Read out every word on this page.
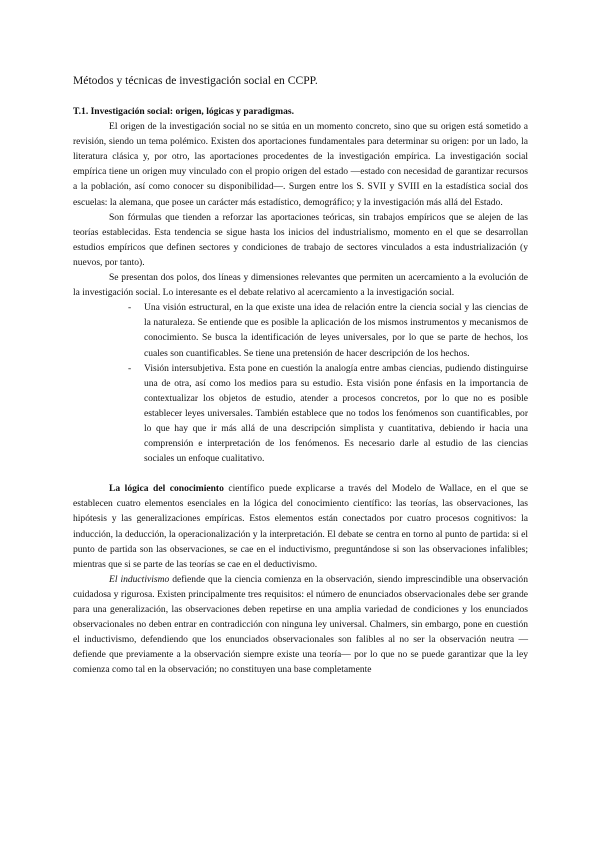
Métodos y técnicas de investigación social en CCPP.

T.1. Investigación social: origen, lógicas y paradigmas.

El origen de la investigación social no se sitúa en un momento concreto, sino que su origen está sometido a revisión, siendo un tema polémico. Existen dos aportaciones fundamentales para determinar su origen: por un lado, la literatura clásica y, por otro, las aportaciones procedentes de la investigación empírica. La investigación social empírica tiene un origen muy vinculado con el propio origen del estado —estado con necesidad de garantizar recursos a la población, así como conocer su disponibilidad—. Surgen entre los S. SVII y SVIII en la estadística social dos escuelas: la alemana, que posee un carácter más estadístico, demográfico; y la investigación más allá del Estado.

Son fórmulas que tienden a reforzar las aportaciones teóricas, sin trabajos empíricos que se alejen de las teorías establecidas. Esta tendencia se sigue hasta los inicios del industrialismo, momento en el que se desarrollan estudios empíricos que definen sectores y condiciones de trabajo de sectores vinculados a esta industrialización (y nuevos, por tanto).

Se presentan dos polos, dos líneas y dimensiones relevantes que permiten un acercamiento a la evolución de la investigación social. Lo interesante es el debate relativo al acercamiento a la investigación social.

- Una visión estructural, en la que existe una idea de relación entre la ciencia social y las ciencias de la naturaleza. Se entiende que es posible la aplicación de los mismos instrumentos y mecanismos de conocimiento. Se busca la identificación de leyes universales, por lo que se parte de hechos, los cuales son cuantificables. Se tiene una pretensión de hacer descripción de los hechos.
- Visión intersubjetiva. Esta pone en cuestión la analogía entre ambas ciencias, pudiendo distinguirse una de otra, así como los medios para su estudio. Esta visión pone énfasis en la importancia de contextualizar los objetos de estudio, atender a procesos concretos, por lo que no es posible establecer leyes universales. También establece que no todos los fenómenos son cuantificables, por lo que hay que ir más allá de una descripción simplista y cuantitativa, debiendo ir hacia una comprensión e interpretación de los fenómenos. Es necesario darle al estudio de las ciencias sociales un enfoque cualitativo.

La lógica del conocimiento científico puede explicarse a través del Modelo de Wallace, en el que se establecen cuatro elementos esenciales en la lógica del conocimiento científico: las teorías, las observaciones, las hipótesis y las generalizaciones empíricas. Estos elementos están conectados por cuatro procesos cognitivos: la inducción, la deducción, la operacionalización y la interpretación. El debate se centra en torno al punto de partida: si el punto de partida son las observaciones, se cae en el inductivismo, preguntándose si son las observaciones infalibles; mientras que si se parte de las teorías se cae en el deductivismo.

El inductivismo defiende que la ciencia comienza en la observación, siendo imprescindible una observación cuidadosa y rigurosa. Existen principalmente tres requisitos: el número de enunciados observacionales debe ser grande para una generalización, las observaciones deben repetirse en una amplia variedad de condiciones y los enunciados observacionales no deben entrar en contradicción con ninguna ley universal. Chalmers, sin embargo, pone en cuestión el inductivismo, defendiendo que los enunciados observacionales son falibles al no ser la observación neutra —defiende que previamente a la observación siempre existe una teoría— por lo que no se puede garantizar que la ley comienza como tal en la observación; no constituyen una base completamente
